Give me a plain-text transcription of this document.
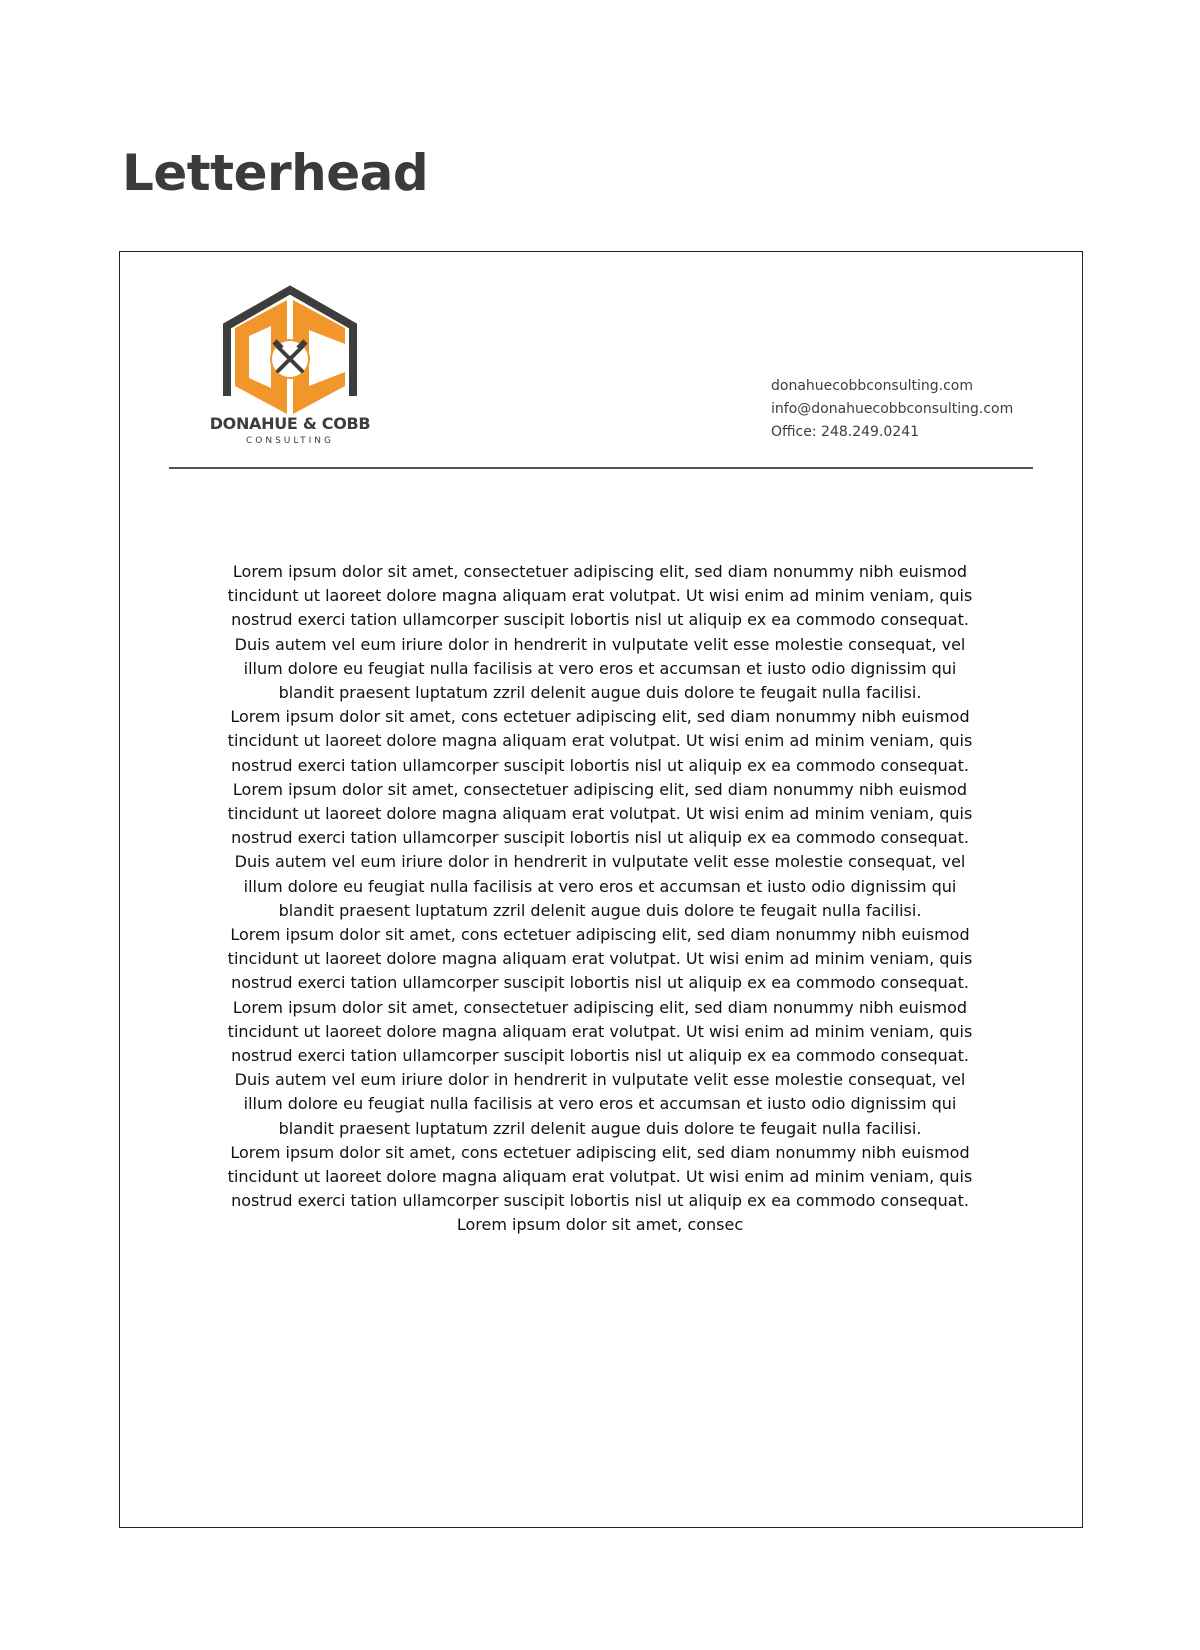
Letterhead
DONAHUE & COBB
CONSULTING
donahuecobbconsulting.com
info@donahuecobbconsulting.com
Office: 248.249.0241
Lorem ipsum dolor sit amet, consectetuer adipiscing elit, sed diam nonummy nibh euismod
tincidunt ut laoreet dolore magna aliquam erat volutpat. Ut wisi enim ad minim veniam, quis
nostrud exerci tation ullamcorper suscipit lobortis nisl ut aliquip ex ea commodo consequat.
Duis autem vel eum iriure dolor in hendrerit in vulputate velit esse molestie consequat, vel
illum dolore eu feugiat nulla facilisis at vero eros et accumsan et iusto odio dignissim qui
blandit praesent luptatum zzril delenit augue duis dolore te feugait nulla facilisi.
Lorem ipsum dolor sit amet, cons ectetuer adipiscing elit, sed diam nonummy nibh euismod
tincidunt ut laoreet dolore magna aliquam erat volutpat. Ut wisi enim ad minim veniam, quis
nostrud exerci tation ullamcorper suscipit lobortis nisl ut aliquip ex ea commodo consequat.
Lorem ipsum dolor sit amet, consectetuer adipiscing elit, sed diam nonummy nibh euismod
tincidunt ut laoreet dolore magna aliquam erat volutpat. Ut wisi enim ad minim veniam, quis
nostrud exerci tation ullamcorper suscipit lobortis nisl ut aliquip ex ea commodo consequat.
Duis autem vel eum iriure dolor in hendrerit in vulputate velit esse molestie consequat, vel
illum dolore eu feugiat nulla facilisis at vero eros et accumsan et iusto odio dignissim qui
blandit praesent luptatum zzril delenit augue duis dolore te feugait nulla facilisi.
Lorem ipsum dolor sit amet, cons ectetuer adipiscing elit, sed diam nonummy nibh euismod
tincidunt ut laoreet dolore magna aliquam erat volutpat. Ut wisi enim ad minim veniam, quis
nostrud exerci tation ullamcorper suscipit lobortis nisl ut aliquip ex ea commodo consequat.
Lorem ipsum dolor sit amet, consectetuer adipiscing elit, sed diam nonummy nibh euismod
tincidunt ut laoreet dolore magna aliquam erat volutpat. Ut wisi enim ad minim veniam, quis
nostrud exerci tation ullamcorper suscipit lobortis nisl ut aliquip ex ea commodo consequat.
Duis autem vel eum iriure dolor in hendrerit in vulputate velit esse molestie consequat, vel
illum dolore eu feugiat nulla facilisis at vero eros et accumsan et iusto odio dignissim qui
blandit praesent luptatum zzril delenit augue duis dolore te feugait nulla facilisi.
Lorem ipsum dolor sit amet, cons ectetuer adipiscing elit, sed diam nonummy nibh euismod
tincidunt ut laoreet dolore magna aliquam erat volutpat. Ut wisi enim ad minim veniam, quis
nostrud exerci tation ullamcorper suscipit lobortis nisl ut aliquip ex ea commodo consequat.
Lorem ipsum dolor sit amet, consec
